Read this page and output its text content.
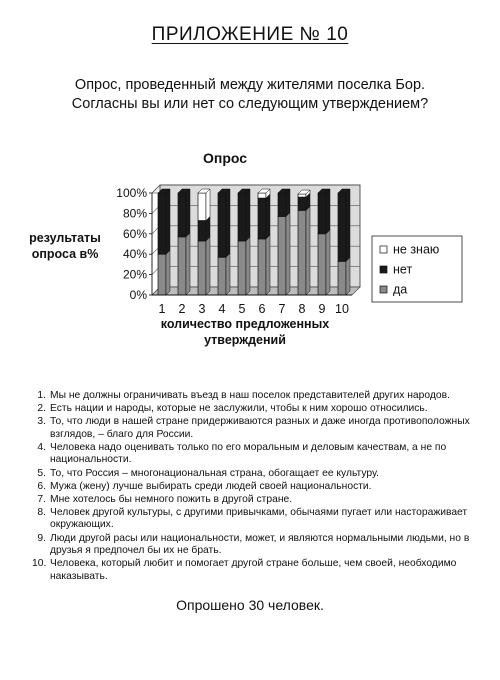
ПРИЛОЖЕНИЕ № 10
Опрос, проведенный между жителями поселка Бор.
Согласны вы или нет со следующим утверждением?
Опрос
результаты
опроса в%
0%
20%
40%
60%
80%
100%
1 2 3 4 5 6 7 8 9 10
количество предложенных
утверждений
не знаю
нет
да
1. Мы не должны ограничивать въезд в наш поселок представителей других народов.
2. Есть нации и народы, которые не заслужили, чтобы к ним хорошо относились.
3. То, что люди в нашей стране придерживаются разных и даже иногда противоположных взглядов, – благо для России.
4. Человека надо оценивать только по его моральным и деловым качествам, а не по национальности.
5. То, что Россия – многонациональная страна, обогащает ее культуру.
6. Мужа (жену) лучше выбирать среди людей своей национальности.
7. Мне хотелось бы немного пожить в другой стране.
8. Человек другой культуры, с другими привычками, обычаями пугает или настораживает окружающих.
9. Люди другой расы или национальности, может, и являются нормальными людьми, но в друзья я предпочел бы их не брать.
10. Человека, который любит и помогает другой стране больше, чем своей, необходимо наказывать.
Опрошено 30 человек.
